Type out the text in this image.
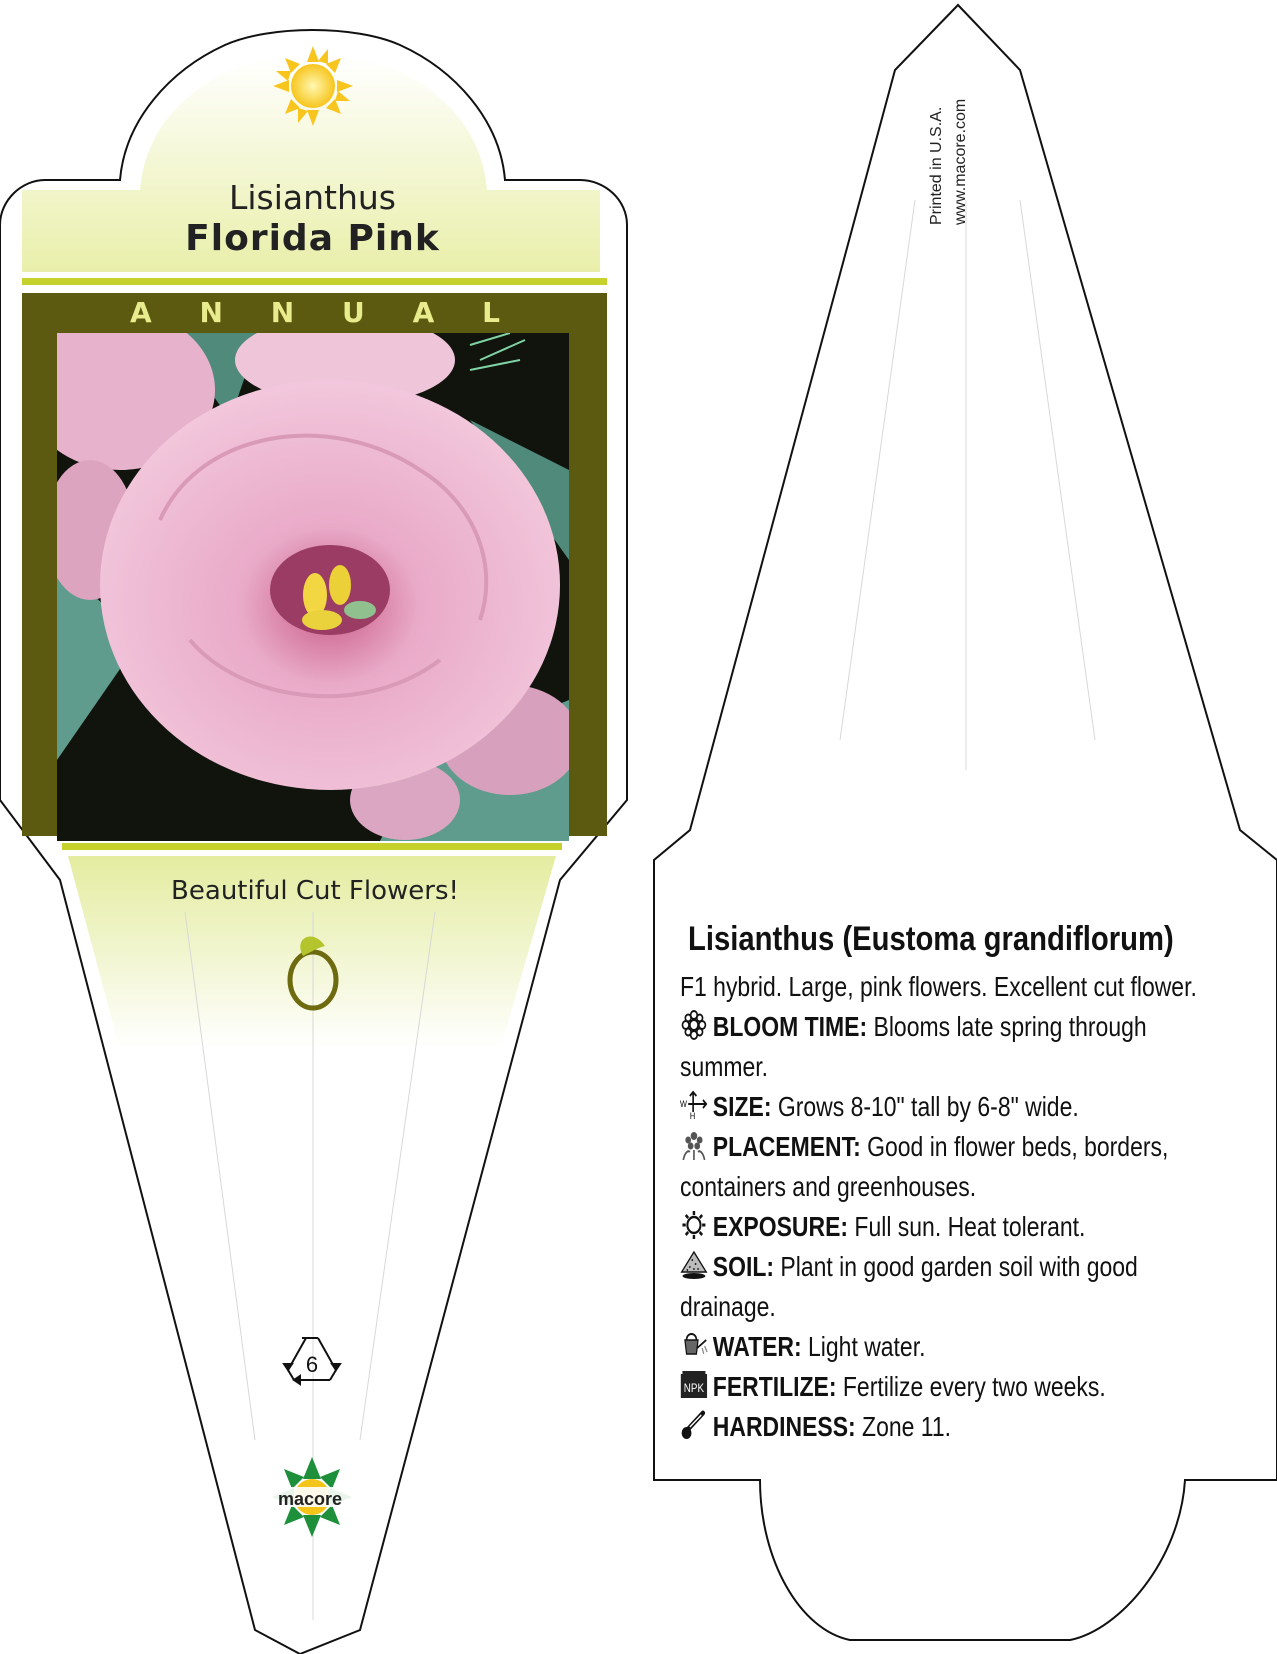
Lisianthus
Florida Pink
A N N U A L
Beautiful Cut Flowers!
6
macore
Printed in U.S.A. www.macore.com
Lisianthus (Eustoma grandiflorum)
F1 hybrid. Large, pink flowers. Excellent cut flower.
BLOOM TIME: Blooms late spring through summer.
W
H SIZE: Grows 8-10" tall by 6-8" wide.
PLACEMENT: Good in flower beds, borders, containers and greenhouses.
EXPOSURE: Full sun. Heat tolerant.
SOIL: Plant in good garden soil with good drainage.
WATER: Light water.
NPK FERTILIZE: Fertilize every two weeks.
HARDINESS: Zone 11.
